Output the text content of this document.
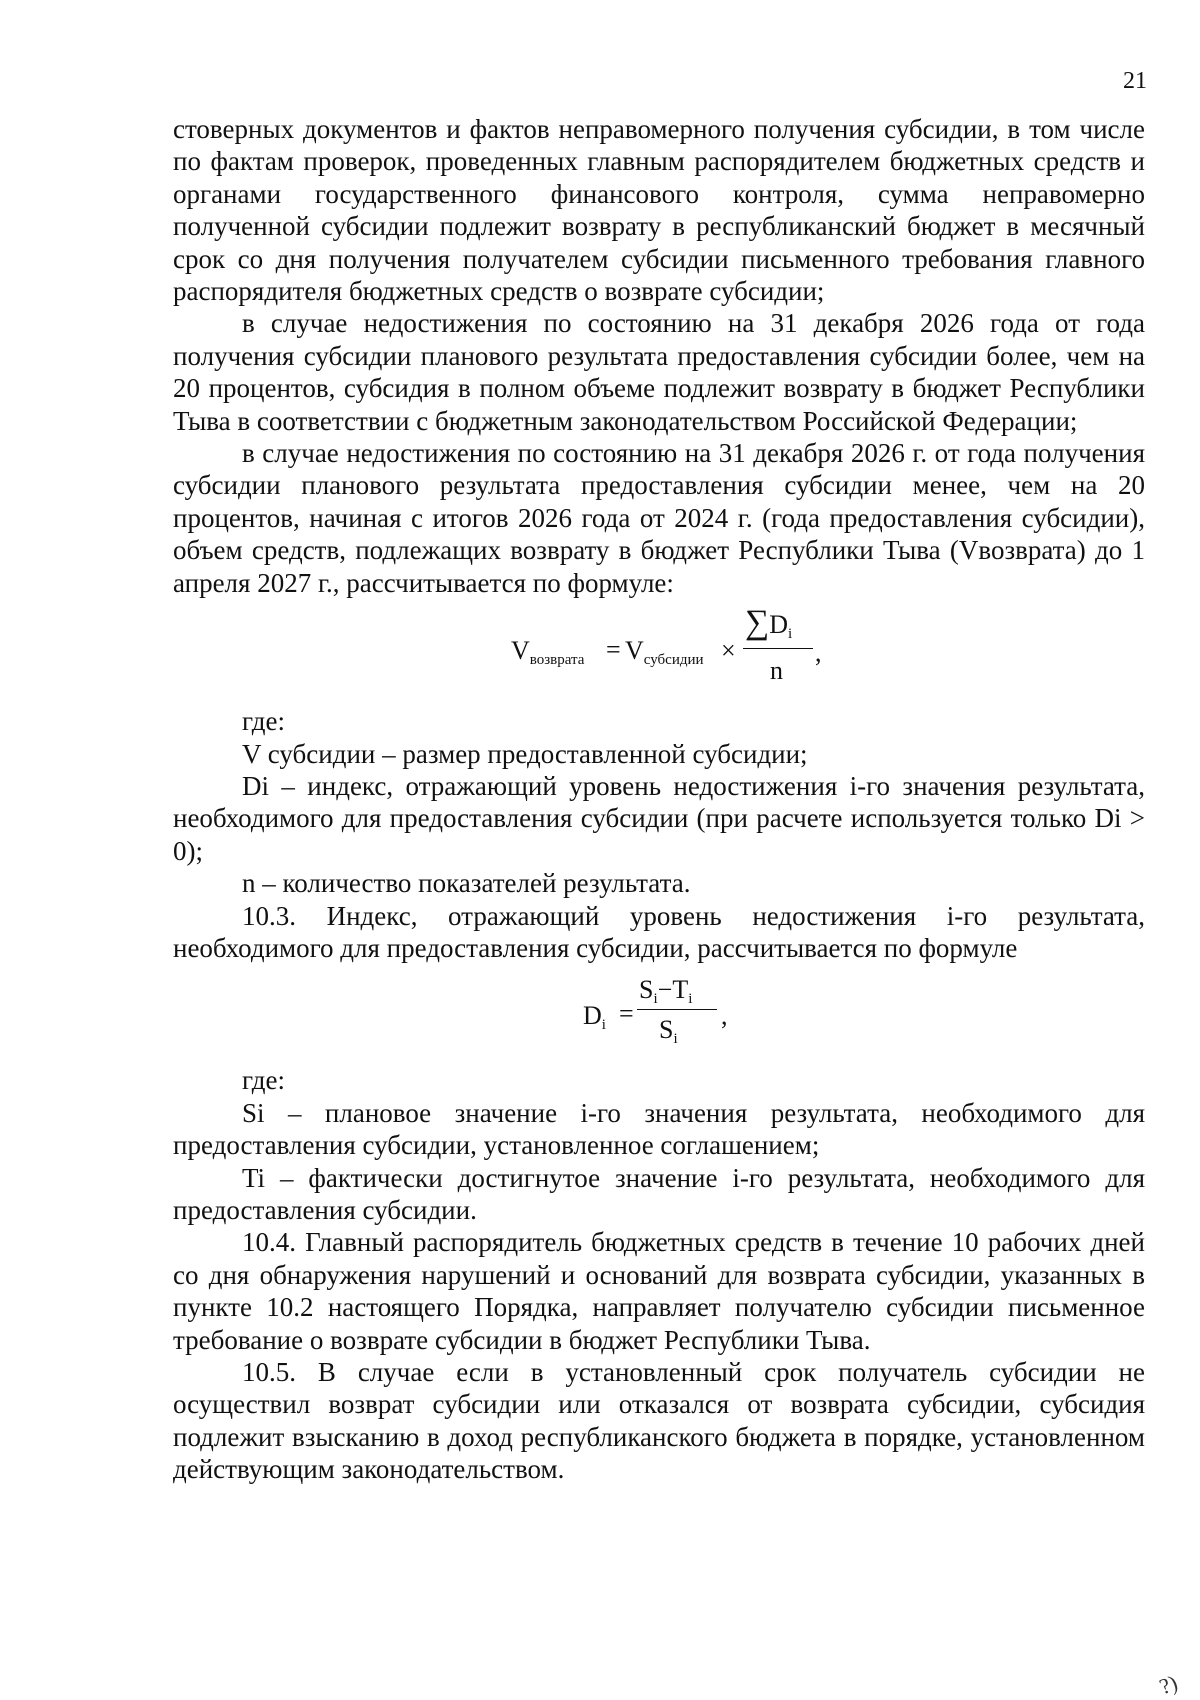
21

стоверных документов и фактов неправомерного получения субсидии, в том числе по фактам проверок, проведенных главным распорядителем бюджетных средств и органами государственного финансового контроля, сумма неправомерно полученной субсидии подлежит возврату в республиканский бюджет в месячный срок со дня получения получателем субсидии письменного требования главного распорядителя бюджетных средств о возврате субсидии;

в случае недостижения по состоянию на 31 декабря 2026 года от года получения субсидии планового результата предоставления субсидии более, чем на 20 процентов, субсидия в полном объеме подлежит возврату в бюджет Республики Тыва в соответствии с бюджетным законодательством Российской Федерации;

в случае недостижения по состоянию на 31 декабря 2026 г. от года получения субсидии планового результата предоставления субсидии менее, чем на 20 процентов, начиная с итогов 2026 года от 2024 г. (года предоставления субсидии), объем средств, подлежащих возврату в бюджет Республики Тыва (Vвозврата) до 1 апреля 2027 г., рассчитывается по формуле:

Vвозврата = Vсубсидии ×
∑Di
n
,

где:

V субсидии – размер предоставленной субсидии;

Di – индекс, отражающий уровень недостижения i-го значения результата, необходимого для предоставления субсидии (при расчете используется только Di > 0);

n – количество показателей результата.

10.3. Индекс, отражающий уровень недостижения i-го результата, необходимого для предоставления субсидии, рассчитывается по формуле

Di =
Si−Ti
Si
,

где:

Si – плановое значение i-го значения результата, необходимого для предоставления субсидии, установленное соглашением;

Ti – фактически достигнутое значение i-го результата, необходимого для предоставления субсидии.

10.4. Главный распорядитель бюджетных средств в течение 10 рабочих дней со дня обнаружения нарушений и оснований для возврата субсидии, указанных в пункте 10.2 настоящего Порядка, направляет получателю субсидии письменное требование о возврате субсидии в бюджет Республики Тыва.

10.5. В случае если в установленный срок получатель субсидии не осуществил возврат субсидии или отказался от возврата субсидии, субсидия подлежит взысканию в доход республиканского бюджета в порядке, установленном действующим законодательством.

?)
